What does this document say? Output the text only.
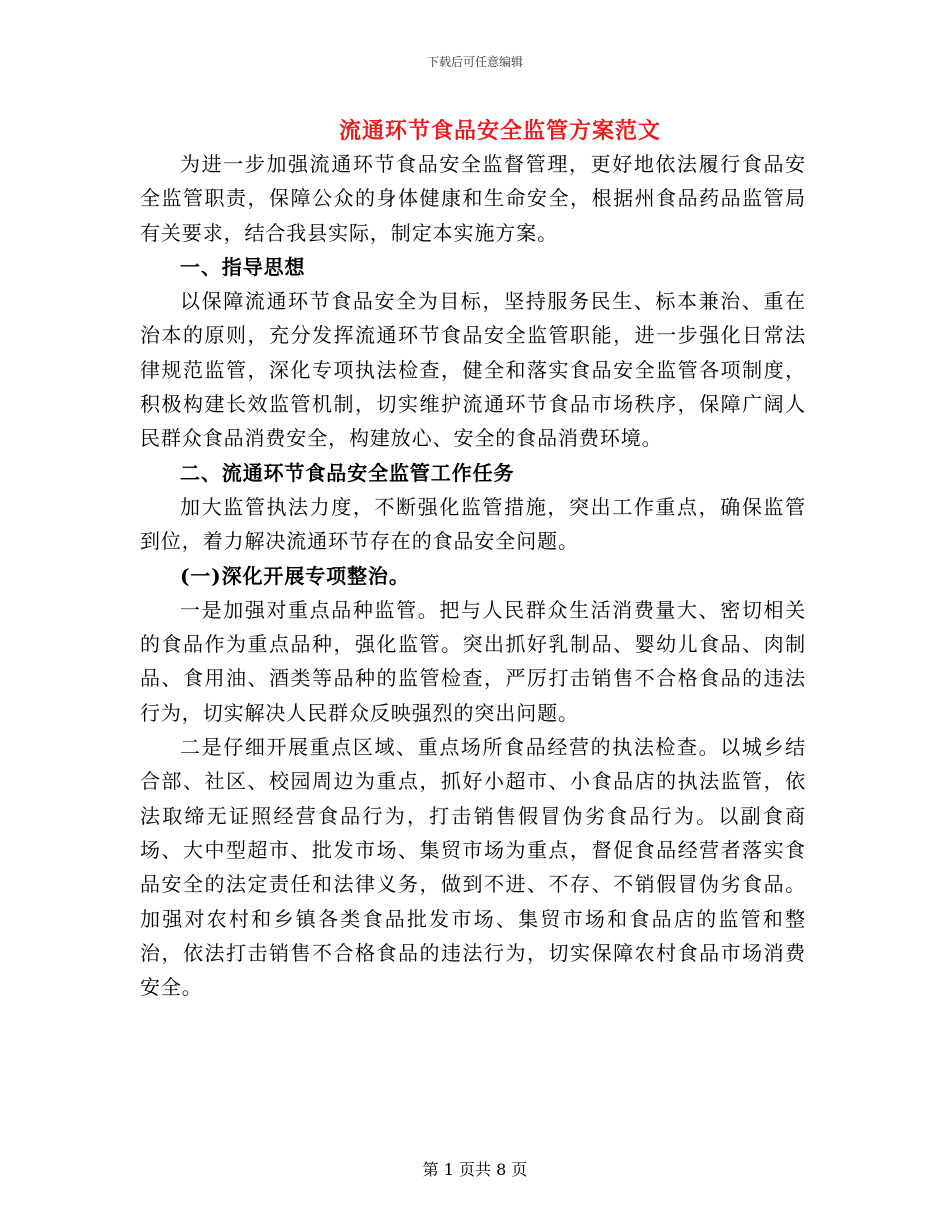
下载后可任意编辑
流通环节食品安全监管方案范文

为进一步加强流通环节食品安全监督管理，更好地依法履行食品安全监管职责，保障公众的身体健康和生命安全，根据州食品药品监管局有关要求，结合我县实际，制定本实施方案。

一、指导思想

以保障流通环节食品安全为目标，坚持服务民生、标本兼治、重在治本的原则，充分发挥流通环节食品安全监管职能，进一步强化日常法律规范监管，深化专项执法检查，健全和落实食品安全监管各项制度，积极构建长效监管机制，切实维护流通环节食品市场秩序，保障广阔人民群众食品消费安全，构建放心、安全的食品消费环境。

二、流通环节食品安全监管工作任务

加大监管执法力度，不断强化监管措施，突出工作重点，确保监管到位，着力解决流通环节存在的食品安全问题。

(一)深化开展专项整治。

一是加强对重点品种监管。把与人民群众生活消费量大、密切相关的食品作为重点品种，强化监管。突出抓好乳制品、婴幼儿食品、肉制品、食用油、酒类等品种的监管检查，严厉打击销售不合格食品的违法行为，切实解决人民群众反映强烈的突出问题。

二是仔细开展重点区域、重点场所食品经营的执法检查。以城乡结合部、社区、校园周边为重点，抓好小超市、小食品店的执法监管，依法取缔无证照经营食品行为，打击销售假冒伪劣食品行为。以副食商场、大中型超市、批发市场、集贸市场为重点，督促食品经营者落实食品安全的法定责任和法律义务，做到不进、不存、不销假冒伪劣食品。加强对农村和乡镇各类食品批发市场、集贸市场和食品店的监管和整治，依法打击销售不合格食品的违法行为，切实保障农村食品市场消费安全。

第 1 页共 8 页
